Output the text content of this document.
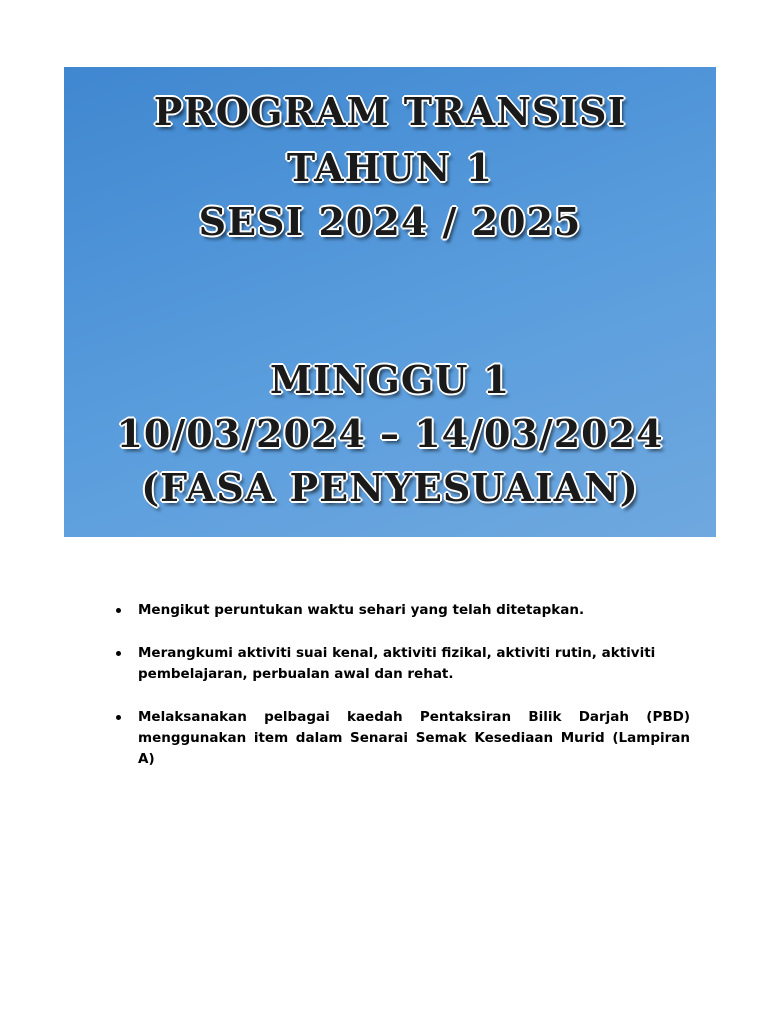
PROGRAM TRANSISI
TAHUN 1
SESI 2024 / 2025
MINGGU 1
10/03/2024 – 14/03/2024
(FASA PENYESUAIAN)
Mengikut peruntukan waktu sehari yang telah ditetapkan.
Merangkumi aktiviti suai kenal, aktiviti fizikal, aktiviti rutin, aktiviti pembelajaran, perbualan awal dan rehat.
Melaksanakan pelbagai kaedah Pentaksiran Bilik Darjah (PBD) menggunakan item dalam Senarai Semak Kesediaan Murid (Lampiran A)
